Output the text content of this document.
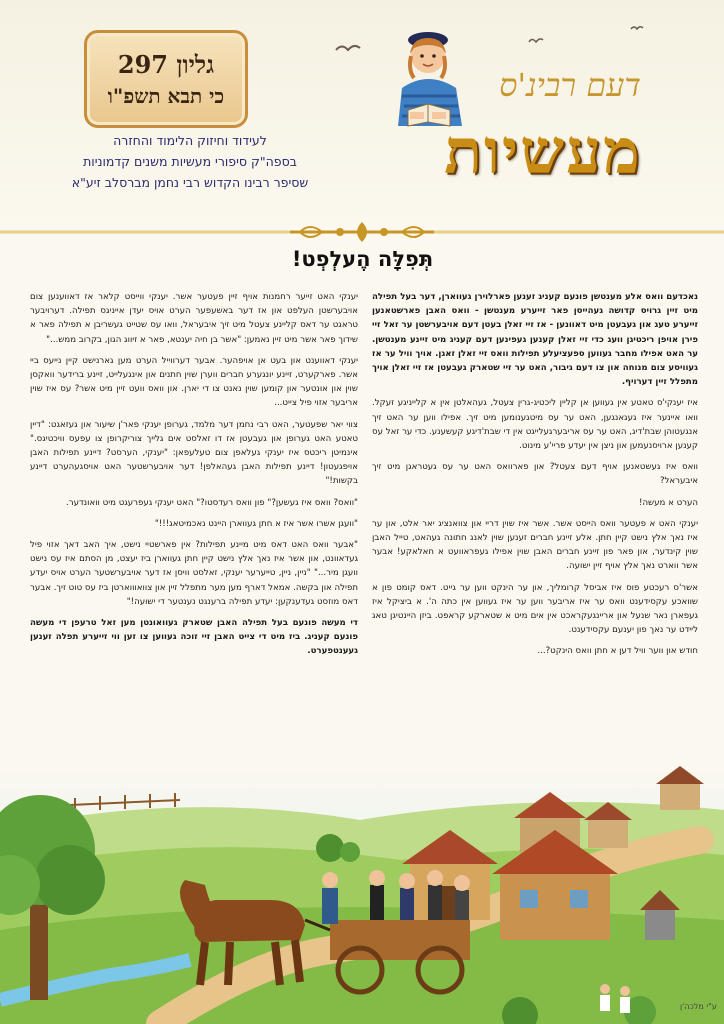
גליון 297
כי תבא תשפ"ו
לעידוד וחיזוק הלימוד והחזרה
בספה"ק סיפורי מעשיות משנים קדמוניות
שסיפר רבינו הקדוש רבי נחמן מברסלב זיע"א
דעם רבינ'ס
מעשיות
תְּפִלָּה הֶעלְפְט!

נאכדעם וואס אלע מענטשן פונעם קעניג זענען פארלוירן געווארן, דער בעל תפילה מיט זיין גרויס קדושה געהייסן פאר זייערע מענטשן - וואס האבן פארשטאנען זייערע טעג און געבעטן מיט דאוונען - אז זיי זאלן בעטן דעם אויבערשטן ער זאל זיי פירן אויפן ריכטיגן וועג כדי זיי זאלן קענען געפינען דעם קעניג מיט זיינע מענטשן. ער האט אפילו מחבר געווען ספעציעלע תפילות וואס זיי זאלן זאגן. אויך וויל ער אז געוויסע צום מנוחה און צו דעם גיבור, האט ער זיי שטארק געבעטן אז זיי זאלן אויך מתפלל זיין דערויף.

איז יענקי'ס טאטע אין געווען אן קליין ליכטיג-גרין צעטל, געהאלטן אין א קלייניגע זעקל. וואו איינער איז געגאנגען, האט ער עס מיטגענומען מיט זיך. אפילו ווען ער האט זיך אנגעטוהן שבת'דיג, האט ער עס אריבערגעלייגט אין די שבת'דיגע קעשענע. כדי ער זאל עס קענען ארויסנעמען און ניצן אין יעדע פריי'ע מינוט.

וואס איז געשטאנען אויף דעם צעטל? און פארוואס האט ער עס געטראגן מיט זיך איבעראל?

הערט א מעשה!

יענקי האט א פעטער וואס הייסט אשר. אשר איז שוין דריי און צוואנציג יאר אלט, און ער איז נאך אלץ נישט קיין חתן. אלע זיינע חברים זענען שוין לאנג חתונה געהאט, טייל האבן שוין קינדער, און פאר פון זיינע חברים האבן שוין אפילו געפראוועט א חאלאקע! אבער אשר ווארט נאך אלץ אויף זיין ישועה.

אשר'ס רעכטע פוס איז אביסל קרומליך, און ער הינקט ווען ער גייט. דאס קומט פון א שוואכע עקסידענט וואס ער איז אריבער ווען ער איז געווען אין כתה ה'. א ביציקל איז געפארן נאר שנעל און אריינגעקראכט אין אים מיט א שטארקע קראפט. ביזן היינטיגן טאג ליידט ער נאך פון יענעם עקסידענט.

חודש און ווער וויל דען א חתן וואס הינקט?...

יענקי האט זייער רחמנות אויף זיין פעטער אשר. יענקי ווייסט קלאר אז דאווענען צום אויבערשטן העלפט און אז דער באשעפער הערט אויס יעדן אייניגס תפילה. דערויבער טראגט ער דאס קליינע צעטל מיט זיך איבעראל, וואו עס שטייט געשריבן א תפילה פאר א שידוך פאר אשר מיט זיין נאמען: "אשר בן חיה יענטא, פאר א זיווג הגון, בקרוב ממש..."

יענקי דאווענט און בעט אן אויפהער. אבער דערווייל הערט מען גארנישט קיין נייעס ביי אשר. פארקערט, זיינע יונגערע חברים ווערן שוין חתנים און אינגעלייט, זיינע ברידער וואקסן שוין און אונטער און קומען שוין נאנט צו די יארן. און וואס וועט זיין מיט אשר? עס איז שוין אריבער אזוי פיל צייט...

צווי יאר שפעטער, האט רבי נחמן דער מלמד, גערופן יענקי פאר'ן שיעור און געזאגט: "דיין טאטע האט גערופן און געבעטן אז דו זאלסט אים גלייך צוריקרופן צו עפעס וויכטיגס." אינמיטן ריכטס איז יענקי געלאפן צום טעלעפאן: "יענקי, הערסט? דיינע תפילות האבן אויפגעטון! דיינע תפילות האבן געהאלפן! דער אויבערשטער האט אויסגעהערט דיינע בקשות!"

"וואס? וואס איז געשען?" פון וואס רעדסטו?" האט יענקי געפרעגט מיט וואונדער.

"וועגן אשרו אשר איז א חתן געווארן היינט נאכמיטאג!!!"

"אבער וואס האט דאס מיט מיינע תפילות? אין פארשטיי נישט, איך האב דאך אזוי פיל געדאוונט, און אשר איז נאך אלץ נישט קיין חתן געווארן ביז יעצט, מן הסתם איז עס נישט וועגן מיר..." "ניין, ניין, טייערער יענקי, זאלסט וויסן אז דער אויבערשטער הערט אויס יעדע תפילה און בקשה. אמאל דארף מען מער מתפלל זיין און צוואוווארטן ביז עס טוט זיך. אבער דאס מוזסט געדענקען: יעדע תפילה ברענגט נענטער די ישועה!"

די מעשה פונעם בעל תפילה האבן שטארק געוואונטן מען זאל טרעפן די מעשה פונעם קעניג. ביז מיט די צייט האבן זיי זוכה געווען צו זען ווי זייערע תפלה זענען געענטפערט.

ע"י מלכה'ן
